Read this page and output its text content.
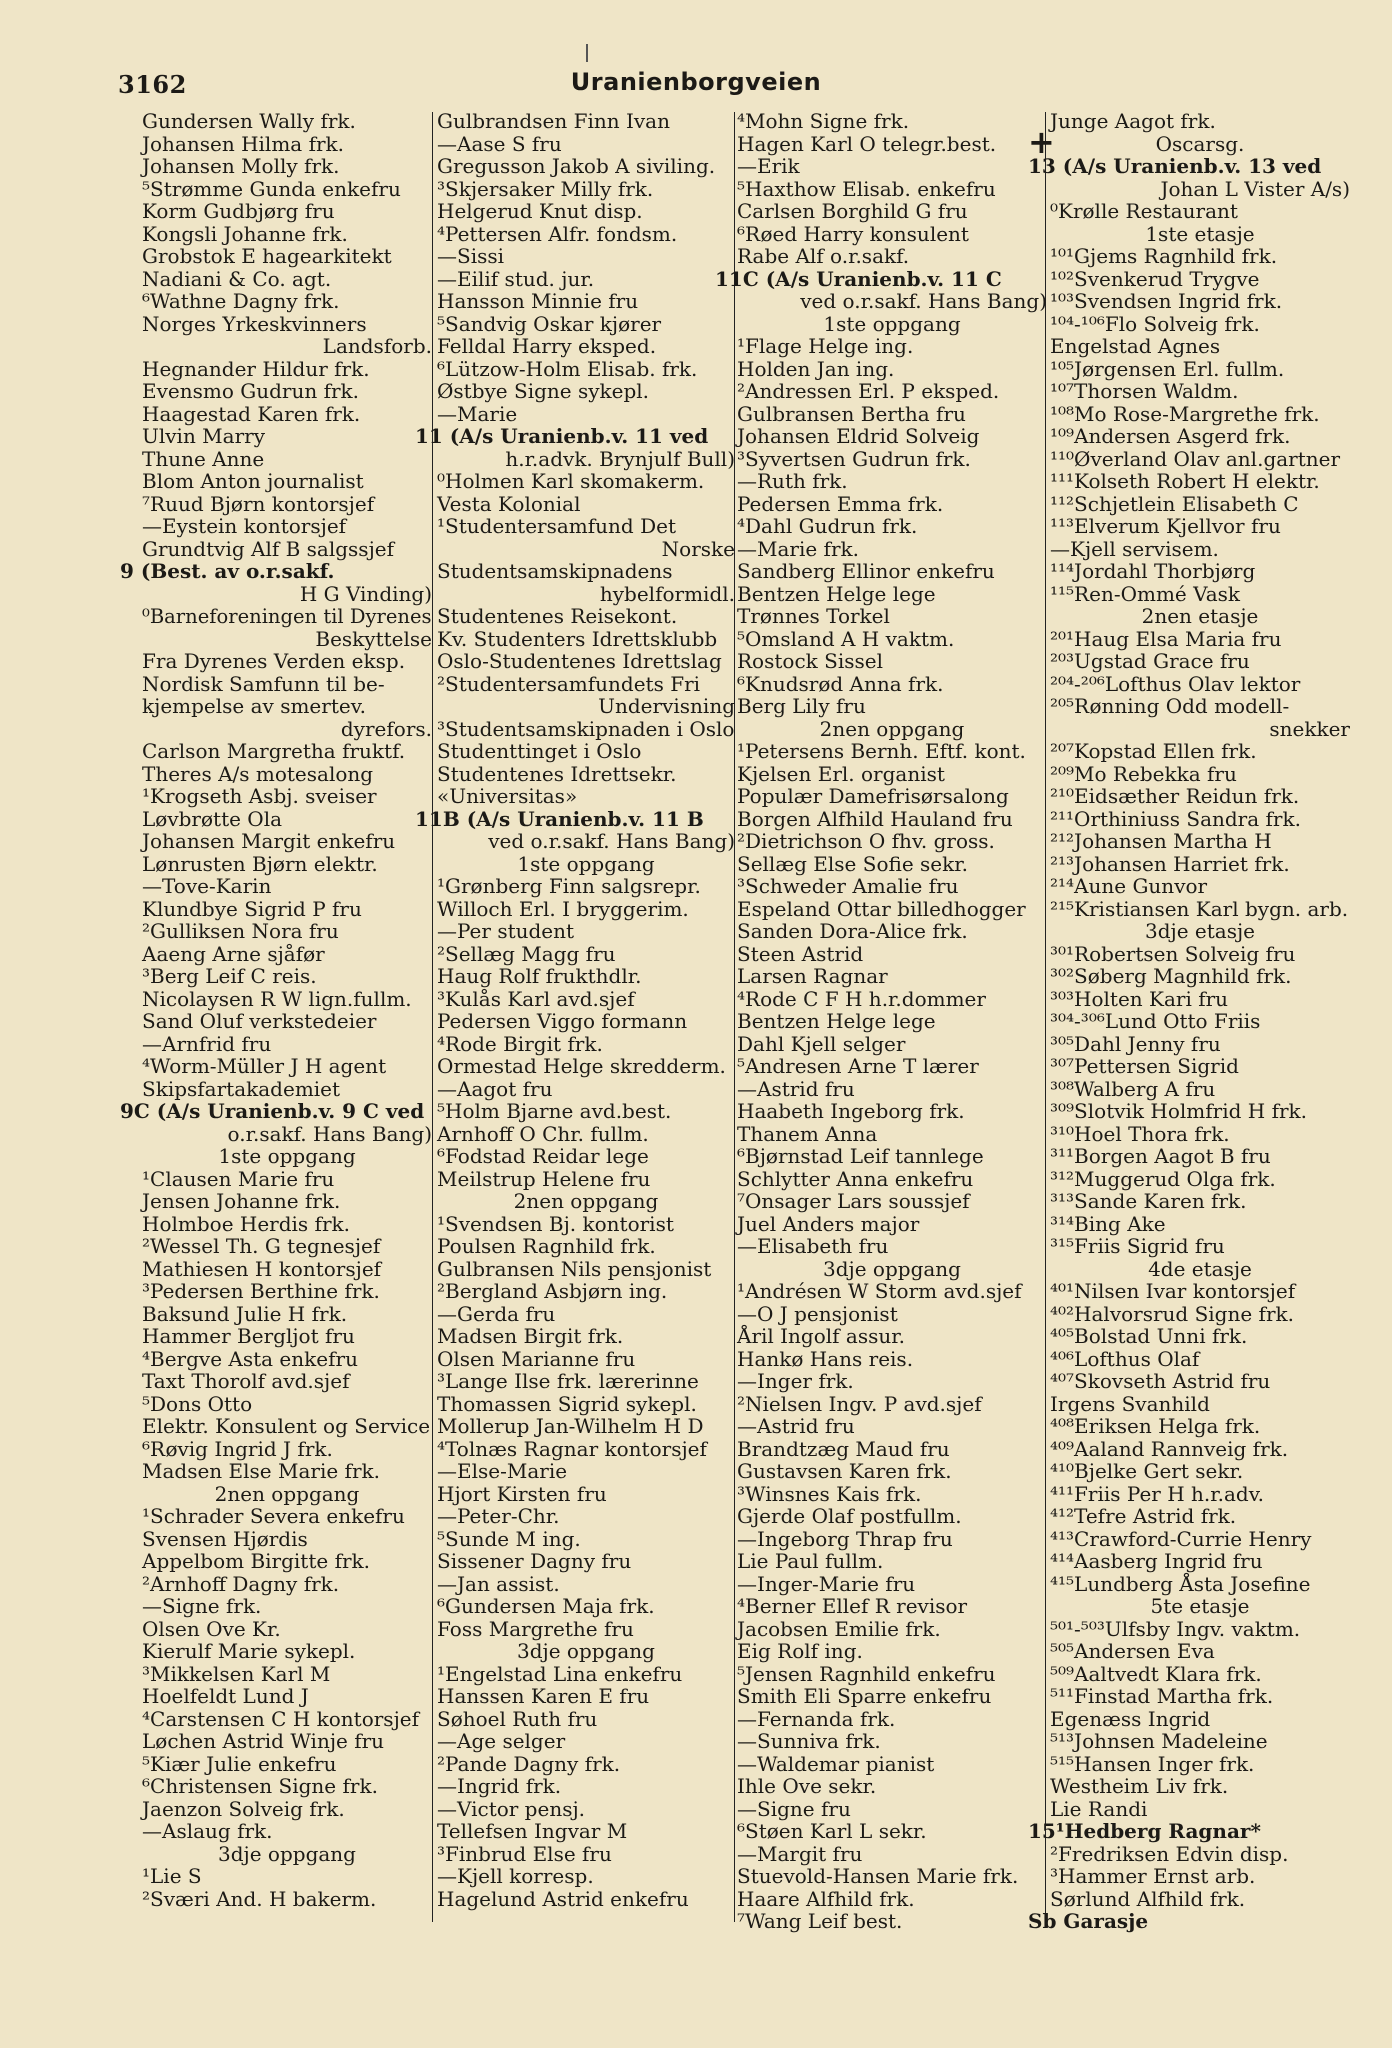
3162	Uranienborgveien
+
Gundersen Wally frk.
Johansen Hilma frk.
Johansen Molly frk.
⁵Strømme Gunda enkefru
Korm Gudbjørg fru
Kongsli Johanne frk.
Grobstok E hagearkitekt
Nadiani & Co. agt.
⁶Wathne Dagny frk.
Norges Yrkeskvinners
Landsforb.
Hegnander Hildur frk.
Evensmo Gudrun frk.
Haagestad Karen frk.
Ulvin Marry
Thune Anne
Blom Anton journalist
⁷Ruud Bjørn kontorsjef
—Eystein kontorsjef
Grundtvig Alf B salgssjef
9 (Best. av o.r.sakf.
H G Vinding)
⁰Barneforeningen til Dyrenes
Beskyttelse
Fra Dyrenes Verden eksp.
Nordisk Samfunn til be-
kjempelse av smertev.
dyrefors.
Carlson Margretha fruktf.
Theres A/s motesalong
¹Krogseth Asbj. sveiser
Løvbrøtte Ola
Johansen Margit enkefru
Lønrusten Bjørn elektr.
—Tove-Karin
Klundbye Sigrid P fru
²Gulliksen Nora fru
Aaeng Arne sjåfør
³Berg Leif C reis.
Nicolaysen R W lign.fullm.
Sand Oluf verkstedeier
—Arnfrid fru
⁴Worm-Müller J H agent
Skipsfartakademiet
9C (A/s Uranienb.v. 9 C ved
o.r.sakf. Hans Bang)
1ste oppgang
¹Clausen Marie fru
Jensen Johanne frk.
Holmboe Herdis frk.
²Wessel Th. G tegnesjef
Mathiesen H kontorsjef
³Pedersen Berthine frk.
Baksund Julie H frk.
Hammer Bergljot fru
⁴Bergve Asta enkefru
Taxt Thorolf avd.sjef
⁵Dons Otto
Elektr. Konsulent og Service
⁶Røvig Ingrid J frk.
Madsen Else Marie frk.
2nen oppgang
¹Schrader Severa enkefru
Svensen Hjørdis
Appelbom Birgitte frk.
²Arnhoff Dagny frk.
—Signe frk.
Olsen Ove Kr.
Kierulf Marie sykepl.
³Mikkelsen Karl M
Hoelfeldt Lund J
⁴Carstensen C H kontorsjef
Løchen Astrid Winje fru
⁵Kiær Julie enkefru
⁶Christensen Signe frk.
Jaenzon Solveig frk.
—Aslaug frk.
3dje oppgang
¹Lie S
²Sværi And. H bakerm.
Gulbrandsen Finn Ivan
—Aase S fru
Gregusson Jakob A siviling.
³Skjersaker Milly frk.
Helgerud Knut disp.
⁴Pettersen Alfr. fondsm.
—Sissi
—Eilif stud. jur.
Hansson Minnie fru
⁵Sandvig Oskar kjører
Felldal Harry eksped.
⁶Lützow-Holm Elisab. frk.
Østbye Signe sykepl.
—Marie
11 (A/s Uranienb.v. 11 ved
h.r.advk. Brynjulf Bull)
⁰Holmen Karl skomakerm.
Vesta Kolonial
¹Studentersamfund Det
Norske
Studentsamskipnadens
hybelformidl.
Studentenes Reisekont.
Kv. Studenters Idrettsklubb
Oslo-Studentenes Idrettslag
²Studentersamfundets Fri
Undervisning
³Studentsamskipnaden i Oslo
Studenttinget i Oslo
Studentenes Idrettsekr.
«Universitas»
11B (A/s Uranienb.v. 11 B
ved o.r.sakf. Hans Bang)
1ste oppgang
¹Grønberg Finn salgsrepr.
Willoch Erl. I bryggerim.
—Per student
²Sellæg Magg fru
Haug Rolf frukthdlr.
³Kulås Karl avd.sjef
Pedersen Viggo formann
⁴Rode Birgit frk.
Ormestad Helge skredderm.
—Aagot fru
⁵Holm Bjarne avd.best.
Arnhoff O Chr. fullm.
⁶Fodstad Reidar lege
Meilstrup Helene fru
2nen oppgang
¹Svendsen Bj. kontorist
Poulsen Ragnhild frk.
Gulbransen Nils pensjonist
²Bergland Asbjørn ing.
—Gerda fru
Madsen Birgit frk.
Olsen Marianne fru
³Lange Ilse frk. lærerinne
Thomassen Sigrid sykepl.
Mollerup Jan-Wilhelm H D
⁴Tolnæs Ragnar kontorsjef
—Else-Marie
Hjort Kirsten fru
—Peter-Chr.
⁵Sunde M ing.
Sissener Dagny fru
—Jan assist.
⁶Gundersen Maja frk.
Foss Margrethe fru
3dje oppgang
¹Engelstad Lina enkefru
Hanssen Karen E fru
Søhoel Ruth fru
—Age selger
²Pande Dagny frk.
—Ingrid frk.
—Victor pensj.
Tellefsen Ingvar M
³Finbrud Else fru
—Kjell korresp.
Hagelund Astrid enkefru
⁴Mohn Signe frk.
Hagen Karl O telegr.best.
—Erik
⁵Haxthow Elisab. enkefru
Carlsen Borghild G fru
⁶Røed Harry konsulent
Rabe Alf o.r.sakf.
11C (A/s Uranienb.v. 11 C
ved o.r.sakf. Hans Bang)
1ste oppgang
¹Flage Helge ing.
Holden Jan ing.
²Andressen Erl. P eksped.
Gulbransen Bertha fru
Johansen Eldrid Solveig
³Syvertsen Gudrun frk.
—Ruth frk.
Pedersen Emma frk.
⁴Dahl Gudrun frk.
—Marie frk.
Sandberg Ellinor enkefru
Bentzen Helge lege
Trønnes Torkel
⁵Omsland A H vaktm.
Rostock Sissel
⁶Knudsrød Anna frk.
Berg Lily fru
2nen oppgang
¹Petersens Bernh. Eftf. kont.
Kjelsen Erl. organist
Populær Damefrisørsalong
Borgen Alfhild Hauland fru
²Dietrichson O fhv. gross.
Sellæg Else Sofie sekr.
³Schweder Amalie fru
Espeland Ottar billedhogger
Sanden Dora-Alice frk.
Steen Astrid
Larsen Ragnar
⁴Rode C F H h.r.dommer
Bentzen Helge lege
Dahl Kjell selger
⁵Andresen Arne T lærer
—Astrid fru
Haabeth Ingeborg frk.
Thanem Anna
⁶Bjørnstad Leif tannlege
Schlytter Anna enkefru
⁷Onsager Lars soussjef
Juel Anders major
—Elisabeth fru
3dje oppgang
¹Andrésen W Storm avd.sjef
—O J pensjonist
Åril Ingolf assur.
Hankø Hans reis.
—Inger frk.
²Nielsen Ingv. P avd.sjef
—Astrid fru
Brandtzæg Maud fru
Gustavsen Karen frk.
³Winsnes Kais frk.
Gjerde Olaf postfullm.
—Ingeborg Thrap fru
Lie Paul fullm.
—Inger-Marie fru
⁴Berner Ellef R revisor
Jacobsen Emilie frk.
Eig Rolf ing.
⁵Jensen Ragnhild enkefru
Smith Eli Sparre enkefru
—Fernanda frk.
—Sunniva frk.
—Waldemar pianist
Ihle Ove sekr.
—Signe fru
⁶Støen Karl L sekr.
—Margit fru
Stuevold-Hansen Marie frk.
Haare Alfhild frk.
⁷Wang Leif best.
Junge Aagot frk.
Oscarsg.
13 (A/s Uranienb.v. 13 ved
Johan L Vister A/s)
⁰Krølle Restaurant
1ste etasje
¹⁰¹Gjems Ragnhild frk.
¹⁰²Svenkerud Trygve
¹⁰³Svendsen Ingrid frk.
¹⁰⁴-¹⁰⁶Flo Solveig frk.
Engelstad Agnes
¹⁰⁵Jørgensen Erl. fullm.
¹⁰⁷Thorsen Waldm.
¹⁰⁸Mo Rose-Margrethe frk.
¹⁰⁹Andersen Asgerd frk.
¹¹⁰Øverland Olav anl.gartner
¹¹¹Kolseth Robert H elektr.
¹¹²Schjetlein Elisabeth C
¹¹³Elverum Kjellvor fru
—Kjell servisem.
¹¹⁴Jordahl Thorbjørg
¹¹⁵Ren-Ommé Vask
2nen etasje
²⁰¹Haug Elsa Maria fru
²⁰³Ugstad Grace fru
²⁰⁴-²⁰⁶Lofthus Olav lektor
²⁰⁵Rønning Odd modell-
snekker
²⁰⁷Kopstad Ellen frk.
²⁰⁹Mo Rebekka fru
²¹⁰Eidsæther Reidun frk.
²¹¹Orthiniuss Sandra frk.
²¹²Johansen Martha H
²¹³Johansen Harriet frk.
²¹⁴Aune Gunvor
²¹⁵Kristiansen Karl bygn. arb.
3dje etasje
³⁰¹Robertsen Solveig fru
³⁰²Søberg Magnhild frk.
³⁰³Holten Kari fru
³⁰⁴-³⁰⁶Lund Otto Friis
³⁰⁵Dahl Jenny fru
³⁰⁷Pettersen Sigrid
³⁰⁸Walberg A fru
³⁰⁹Slotvik Holmfrid H frk.
³¹⁰Hoel Thora frk.
³¹¹Borgen Aagot B fru
³¹²Muggerud Olga frk.
³¹³Sande Karen frk.
³¹⁴Bing Ake
³¹⁵Friis Sigrid fru
4de etasje
⁴⁰¹Nilsen Ivar kontorsjef
⁴⁰²Halvorsrud Signe frk.
⁴⁰⁵Bolstad Unni frk.
⁴⁰⁶Lofthus Olaf
⁴⁰⁷Skovseth Astrid fru
Irgens Svanhild
⁴⁰⁸Eriksen Helga frk.
⁴⁰⁹Aaland Rannveig frk.
⁴¹⁰Bjelke Gert sekr.
⁴¹¹Friis Per H h.r.adv.
⁴¹²Tefre Astrid frk.
⁴¹³Crawford-Currie Henry
⁴¹⁴Aasberg Ingrid fru
⁴¹⁵Lundberg Åsta Josefine
5te etasje
⁵⁰¹-⁵⁰³Ulfsby Ingv. vaktm.
⁵⁰⁵Andersen Eva
⁵⁰⁹Aaltvedt Klara frk.
⁵¹¹Finstad Martha frk.
Egenæss Ingrid
⁵¹³Johnsen Madeleine
⁵¹⁵Hansen Inger frk.
Westheim Liv frk.
Lie Randi
15¹Hedberg Ragnar*
²Fredriksen Edvin disp.
³Hammer Ernst arb.
Sørlund Alfhild frk.
Sb Garasje
